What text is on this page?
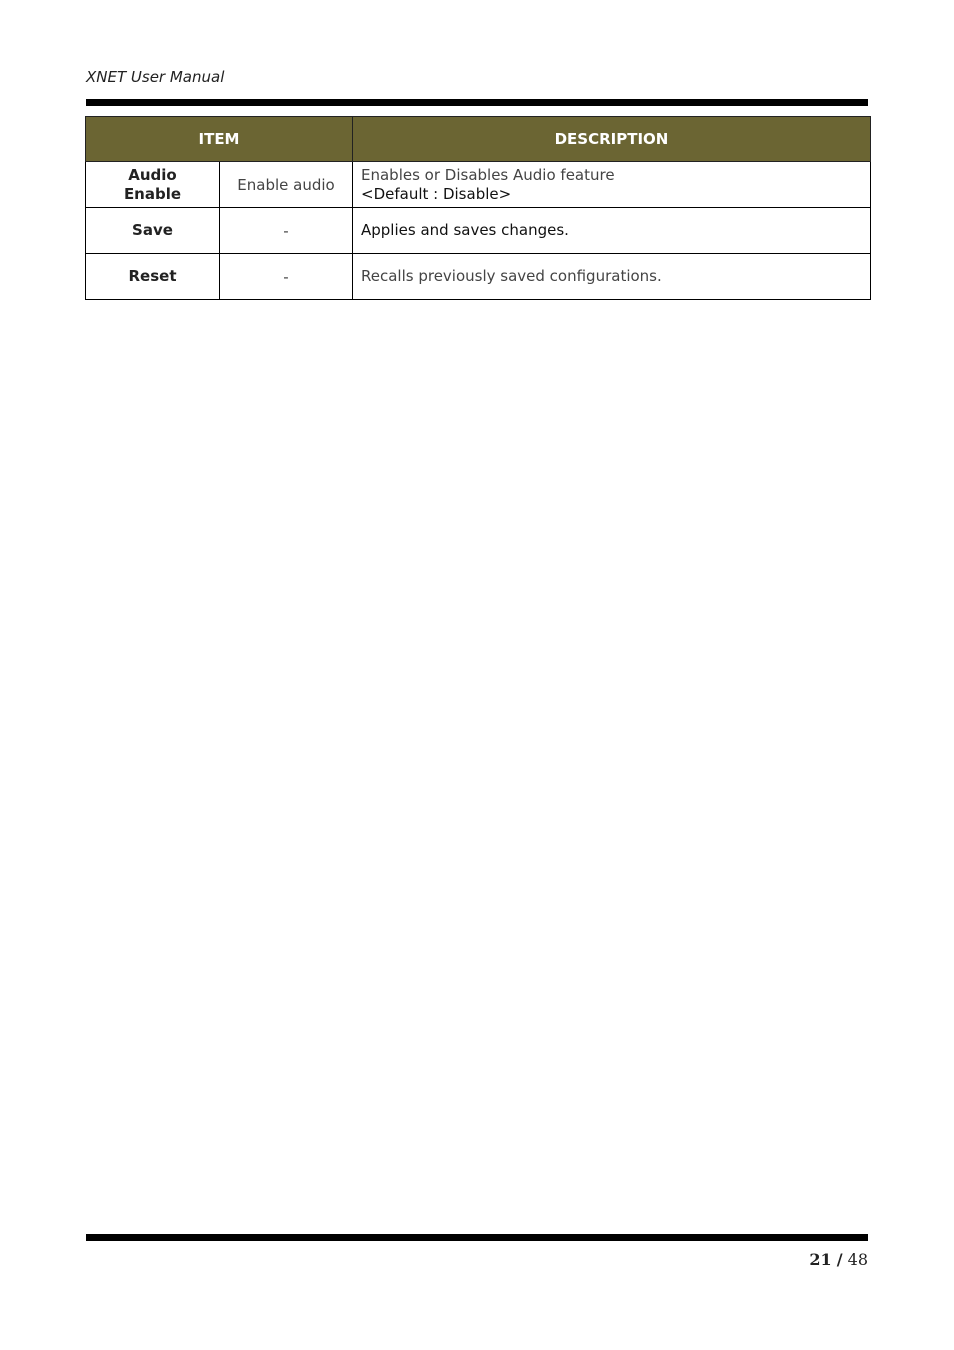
XNET User Manual
ITEM		DESCRIPTION
Audio
Enable	Enable audio	Enables or Disables Audio feature
<Default : Disable>
Save	-	Applies and saves changes.
Reset	-	Recalls previously saved configurations.
21 / 48
